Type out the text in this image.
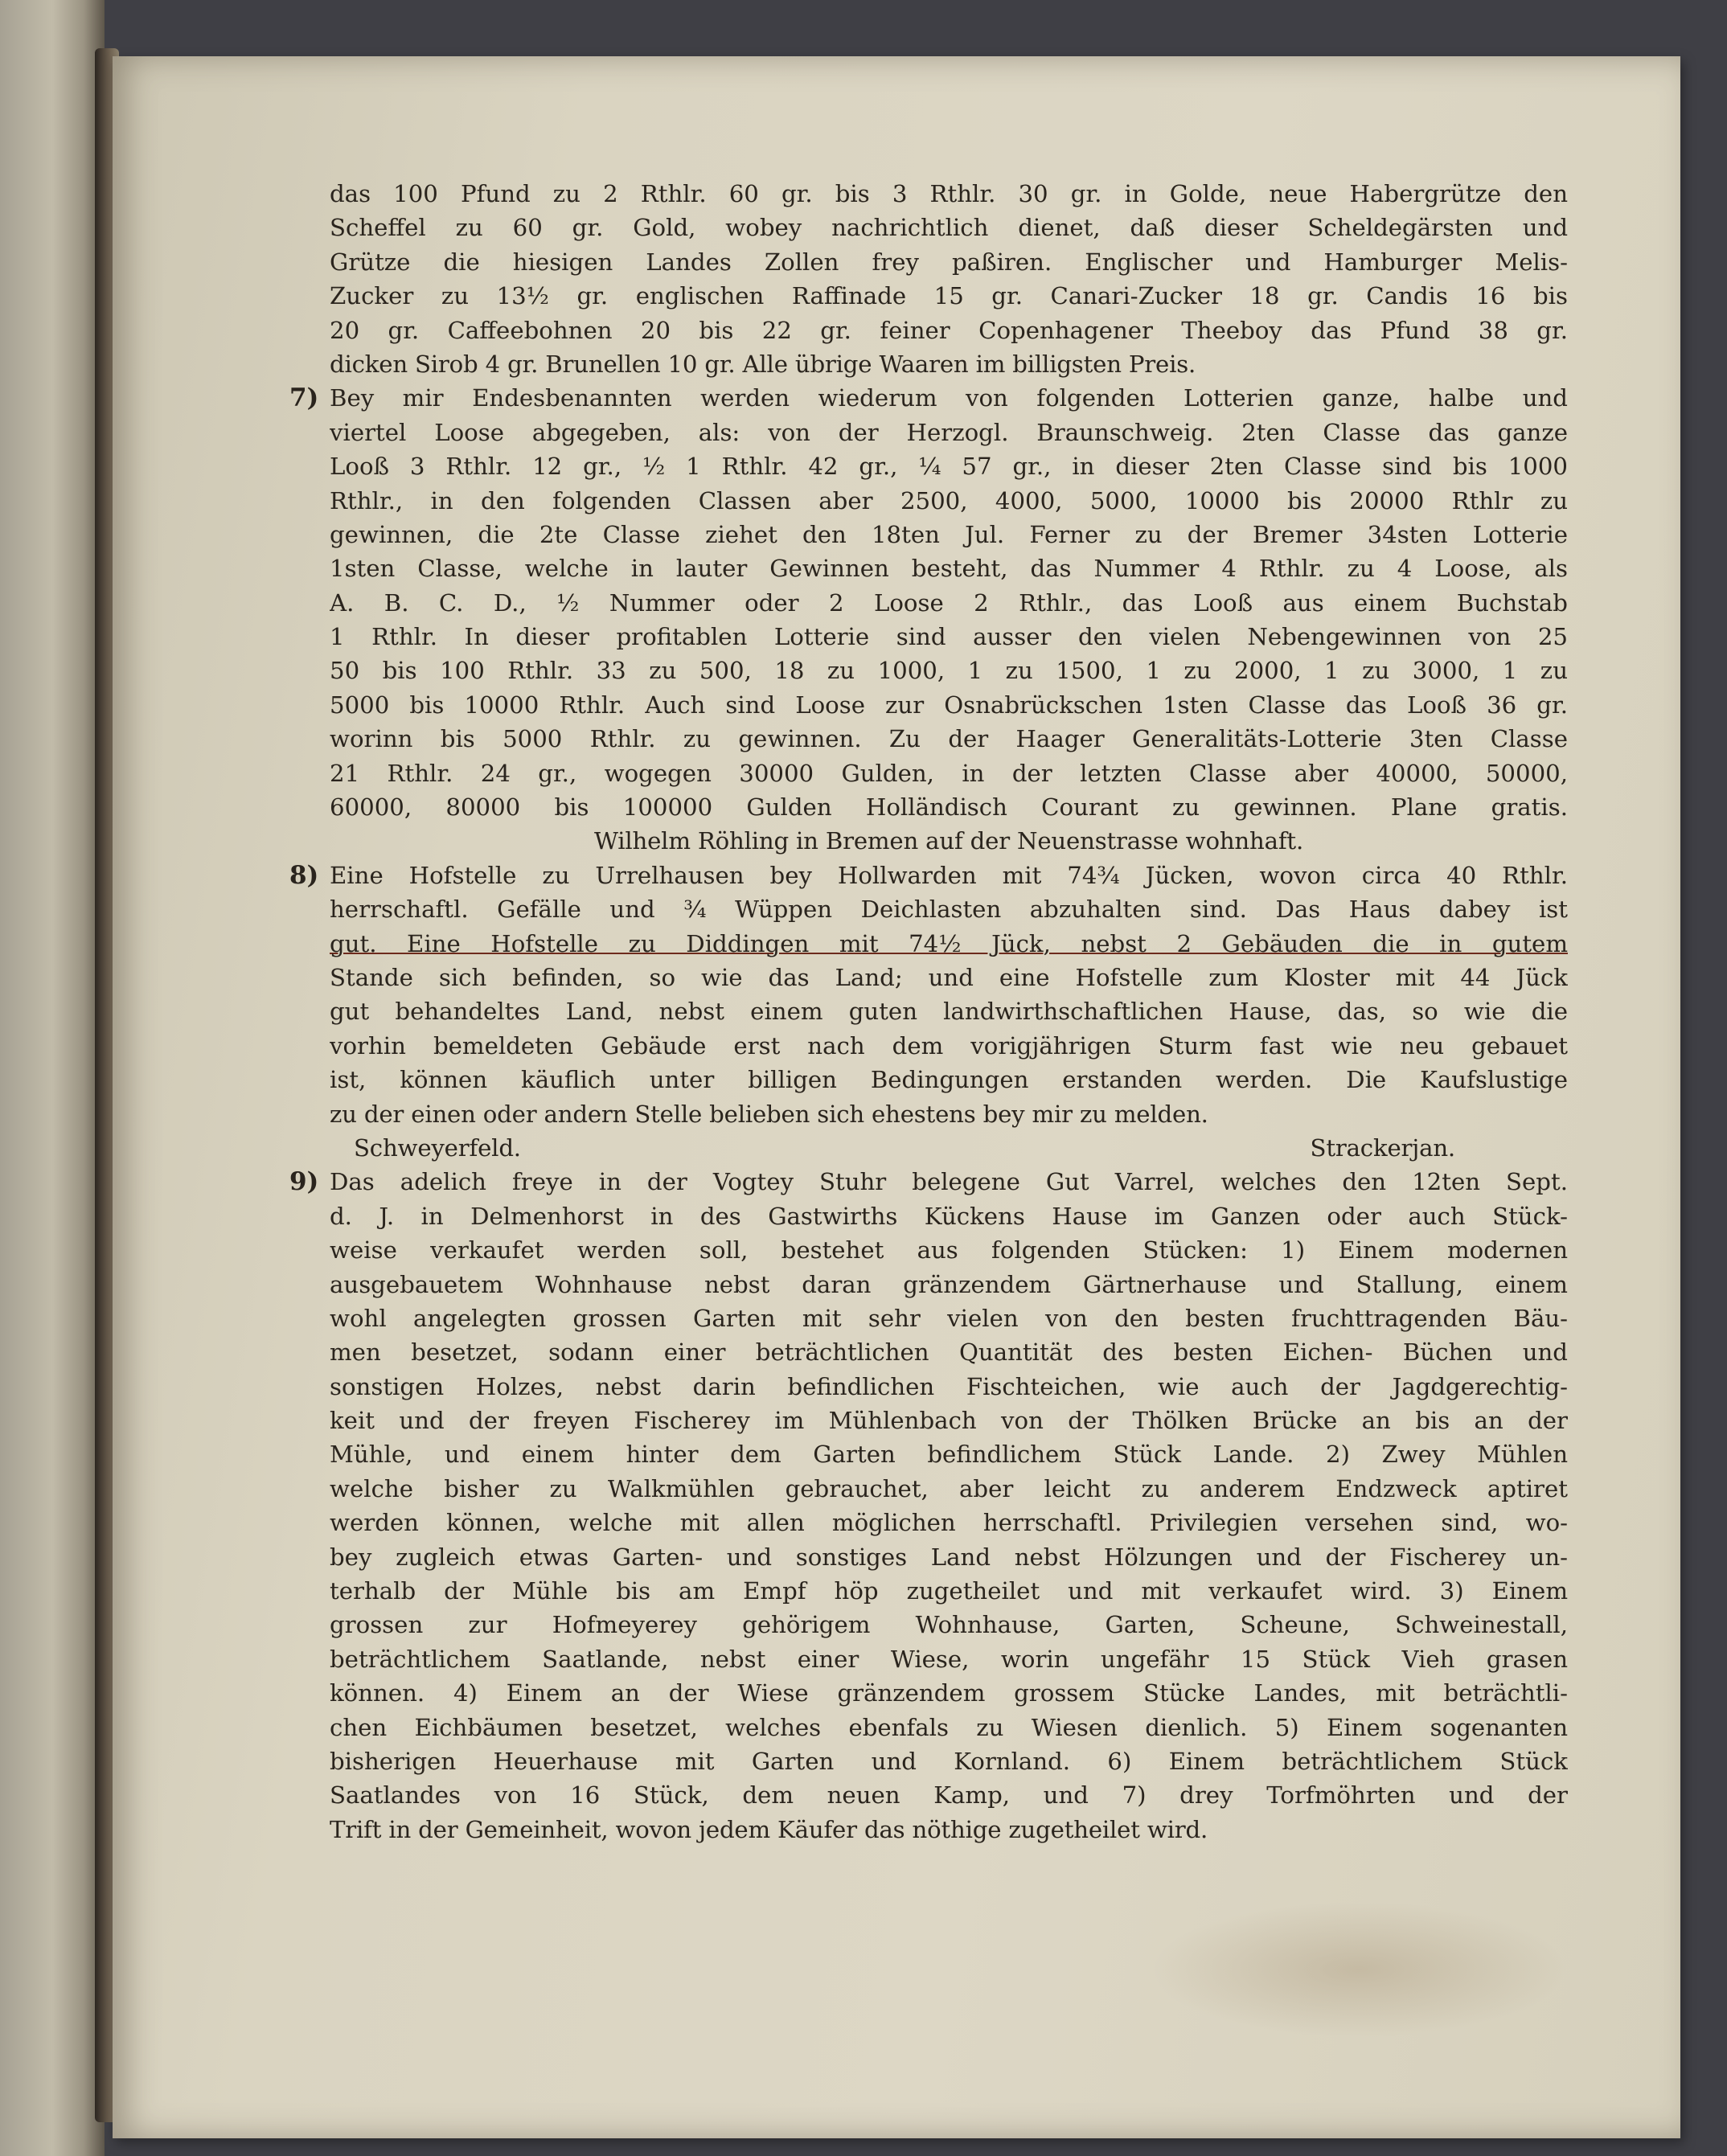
das 100 Pfund zu 2 Rthlr. 60 gr. bis 3 Rthlr. 30 gr. in Golde, neue Habergrütze den
Scheffel zu 60 gr. Gold, wobey nachrichtlich dienet, daß dieser Scheldegärsten und
Grütze die hiesigen Landes Zollen frey paßiren. Englischer und Hamburger Melis-
Zucker zu 13½ gr. englischen Raffinade 15 gr. Canari-Zucker 18 gr. Candis 16 bis
20 gr. Caffeebohnen 20 bis 22 gr. feiner Copenhagener Theeboy das Pfund 38 gr.
dicken Sirob 4 gr. Brunellen 10 gr. Alle übrige Waaren im billigsten Preis.
7) Bey mir Endesbenannten werden wiederum von folgenden Lotterien ganze, halbe und
viertel Loose abgegeben, als: von der Herzogl. Braunschweig. 2ten Classe das ganze
Looß 3 Rthlr. 12 gr., ½ 1 Rthlr. 42 gr., ¼ 57 gr., in dieser 2ten Classe sind bis 1000
Rthlr., in den folgenden Classen aber 2500, 4000, 5000, 10000 bis 20000 Rthlr zu
gewinnen, die 2te Classe ziehet den 18ten Jul. Ferner zu der Bremer 34sten Lotterie
1sten Classe, welche in lauter Gewinnen besteht, das Nummer 4 Rthlr. zu 4 Loose, als
A. B. C. D., ½ Nummer oder 2 Loose 2 Rthlr., das Looß aus einem Buchstab
1 Rthlr. In dieser profitablen Lotterie sind ausser den vielen Nebengewinnen von 25
50 bis 100 Rthlr. 33 zu 500, 18 zu 1000, 1 zu 1500, 1 zu 2000, 1 zu 3000, 1 zu
5000 bis 10000 Rthlr. Auch sind Loose zur Osnabrückschen 1sten Classe das Looß 36 gr.
worinn bis 5000 Rthlr. zu gewinnen. Zu der Haager Generalitäts-Lotterie 3ten Classe
21 Rthlr. 24 gr., wogegen 30000 Gulden, in der letzten Classe aber 40000, 50000,
60000, 80000 bis 100000 Gulden Holländisch Courant zu gewinnen. Plane gratis.
Wilhelm Röhling in Bremen auf der Neuenstrasse wohnhaft.
8) Eine Hofstelle zu Urrelhausen bey Hollwarden mit 74¾ Jücken, wovon circa 40 Rthlr.
herrschaftl. Gefälle und ¾ Wüppen Deichlasten abzuhalten sind. Das Haus dabey ist
gut. Eine Hofstelle zu Diddingen mit 74½ Jück, nebst 2 Gebäuden die in gutem
Stande sich befinden, so wie das Land; und eine Hofstelle zum Kloster mit 44 Jück
gut behandeltes Land, nebst einem guten landwirthschaftlichen Hause, das, so wie die
vorhin bemeldeten Gebäude erst nach dem vorigjährigen Sturm fast wie neu gebauet
ist, können käuflich unter billigen Bedingungen erstanden werden. Die Kaufslustige
zu der einen oder andern Stelle belieben sich ehestens bey mir zu melden.
Schweyerfeld.	Strackerjan.
9) Das adelich freye in der Vogtey Stuhr belegene Gut Varrel, welches den 12ten Sept.
d. J. in Delmenhorst in des Gastwirths Kückens Hause im Ganzen oder auch Stück-
weise verkaufet werden soll, bestehet aus folgenden Stücken: 1) Einem modernen
ausgebauetem Wohnhause nebst daran gränzendem Gärtnerhause und Stallung, einem
wohl angelegten grossen Garten mit sehr vielen von den besten fruchttragenden Bäu-
men besetzet, sodann einer beträchtlichen Quantität des besten Eichen- Büchen und
sonstigen Holzes, nebst darin befindlichen Fischteichen, wie auch der Jagdgerechtig-
keit und der freyen Fischerey im Mühlenbach von der Thölken Brücke an bis an der
Mühle, und einem hinter dem Garten befindlichem Stück Lande. 2) Zwey Mühlen
welche bisher zu Walkmühlen gebrauchet, aber leicht zu anderem Endzweck aptiret
werden können, welche mit allen möglichen herrschaftl. Privilegien versehen sind, wo-
bey zugleich etwas Garten- und sonstiges Land nebst Hölzungen und der Fischerey un-
terhalb der Mühle bis am Empf höp zugetheilet und mit verkaufet wird. 3) Einem
grossen zur Hofmeyerey gehörigem Wohnhause, Garten, Scheune, Schweinestall,
beträchtlichem Saatlande, nebst einer Wiese, worin ungefähr 15 Stück Vieh grasen
können. 4) Einem an der Wiese gränzendem grossem Stücke Landes, mit beträchtli-
chen Eichbäumen besetzet, welches ebenfals zu Wiesen dienlich. 5) Einem sogenanten
bisherigen Heuerhause mit Garten und Kornland. 6) Einem beträchtlichem Stück
Saatlandes von 16 Stück, dem neuen Kamp, und 7) drey Torfmöhrten und der
Trift in der Gemeinheit, wovon jedem Käufer das nöthige zugetheilet wird.
